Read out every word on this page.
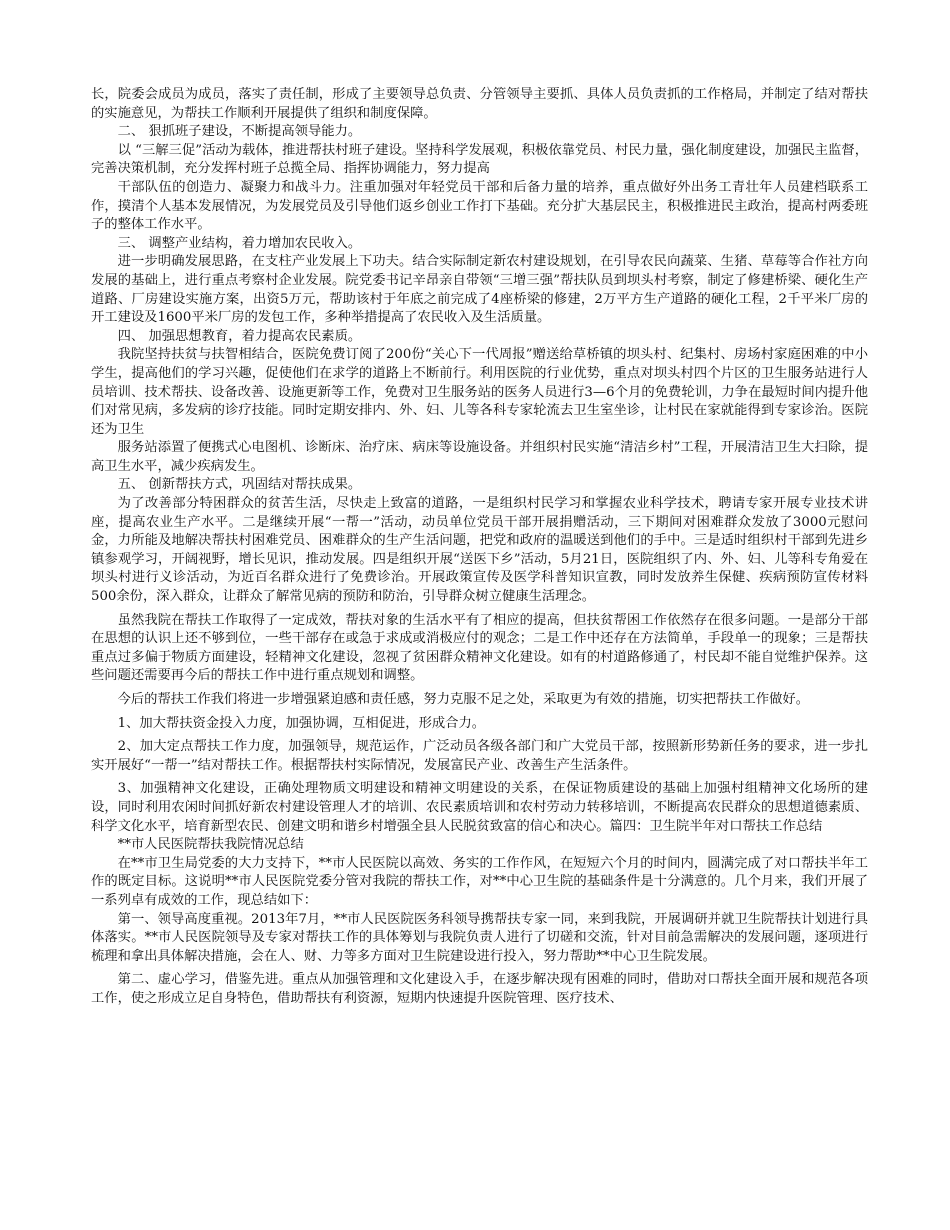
长，院委会成员为成员，落实了责任制，形成了主要领导总负责、分管领导主要抓、具体人员负责抓的工作格局，并制定了结对帮扶的实施意见，为帮扶工作顺利开展提供了组织和制度保障。

二、 狠抓班子建设，不断提高领导能力。

以 “三解三促”活动为载体，推进帮扶村班子建设。坚持科学发展观，积极依靠党员、村民力量，强化制度建设，加强民主监督，完善决策机制，充分发挥村班子总揽全局、指挥协调能力，努力提高

干部队伍的创造力、凝聚力和战斗力。注重加强对年轻党员干部和后备力量的培养，重点做好外出务工青壮年人员建档联系工作，摸清个人基本发展情况，为发展党员及引导他们返乡创业工作打下基础。充分扩大基层民主，积极推进民主政治，提高村两委班子的整体工作水平。

三、 调整产业结构，着力增加农民收入。

进一步明确发展思路，在支柱产业发展上下功夫。结合实际制定新农村建设规划，在引导农民向蔬菜、生猪、草莓等合作社方向发展的基础上，进行重点考察村企业发展。院党委书记辛昂亲自带领“三增三强”帮扶队员到坝头村考察，制定了修建桥梁、硬化生产道路、厂房建设实施方案，出资5万元，帮助该村于年底之前完成了4座桥梁的修建，2万平方生产道路的硬化工程，2千平米厂房的开工建设及1600平米厂房的发包工作，多种举措提高了农民收入及生活质量。

四、 加强思想教育，着力提高农民素质。

我院坚持扶贫与扶智相结合，医院免费订阅了200份“关心下一代周报”赠送给草桥镇的坝头村、纪集村、房场村家庭困难的中小学生，提高他们的学习兴趣，促使他们在求学的道路上不断前行。利用医院的行业优势，重点对坝头村四个片区的卫生服务站进行人员培训、技术帮扶、设备改善、设施更新等工作，免费对卫生服务站的医务人员进行3—6个月的免费轮训，力争在最短时间内提升他们对常见病，多发病的诊疗技能。同时定期安排内、外、妇、儿等各科专家轮流去卫生室坐诊，让村民在家就能得到专家诊治。医院还为卫生

服务站添置了便携式心电图机、诊断床、治疗床、病床等设施设备。并组织村民实施“清洁乡村”工程，开展清洁卫生大扫除，提高卫生水平，减少疾病发生。

五、 创新帮扶方式，巩固结对帮扶成果。

为了改善部分特困群众的贫苦生活，尽快走上致富的道路，一是组织村民学习和掌握农业科学技术，聘请专家开展专业技术讲座，提高农业生产水平。二是继续开展“一帮一”活动，动员单位党员干部开展捐赠活动，三下期间对困难群众发放了3000元慰问金，力所能及地解决帮扶村困难党员、困难群众的生产生活问题，把党和政府的温暖送到他们的手中。三是适时组织村干部到先进乡镇参观学习，开阔视野，增长见识，推动发展。四是组织开展“送医下乡”活动，5月21日，医院组织了内、外、妇、儿等科专角爱在坝头村进行义诊活动，为近百名群众进行了免费诊治。开展政策宣传及医学科普知识宣教，同时发放养生保健、疾病预防宣传材料500余份，深入群众，让群众了解常见病的预防和防治，引导群众树立健康生活理念。

虽然我院在帮扶工作取得了一定成效，帮扶对象的生活水平有了相应的提高，但扶贫帮困工作依然存在很多问题。一是部分干部在思想的认识上还不够到位，一些干部存在或急于求成或消极应付的观念；二是工作中还存在方法简单，手段单一的现象；三是帮扶重点过多偏于物质方面建设，轻精神文化建设，忽视了贫困群众精神文化建设。如有的村道路修通了，村民却不能自觉维护保养。这些问题还需要再今后的帮扶工作中进行重点规划和调整。

今后的帮扶工作我们将进一步增强紧迫感和责任感，努力克服不足之处，采取更为有效的措施，切实把帮扶工作做好。

1、加大帮扶资金投入力度，加强协调，互相促进，形成合力。

2、加大定点帮扶工作力度，加强领导，规范运作，广泛动员各级各部门和广大党员干部，按照新形势新任务的要求，进一步扎实开展好“一帮一”结对帮扶工作。根据帮扶村实际情况，发展富民产业、改善生产生活条件。

3、加强精神文化建设，正确处理物质文明建设和精神文明建设的关系，在保证物质建设的基础上加强村组精神文化场所的建设，同时利用农闲时间抓好新农村建设管理人才的培训、农民素质培训和农村劳动力转移培训，不断提高农民群众的思想道德素质、科学文化水平，培育新型农民、创建文明和谐乡村增强全县人民脱贫致富的信心和决心。篇四：卫生院半年对口帮扶工作总结

**市人民医院帮扶我院情况总结

在**市卫生局党委的大力支持下，**市人民医院以高效、务实的工作作风，在短短六个月的时间内，圆满完成了对口帮扶半年工作的既定目标。这说明**市人民医院党委分管对我院的帮扶工作，对**中心卫生院的基础条件是十分满意的。几个月来，我们开展了一系列卓有成效的工作，现总结如下：

第一、领导高度重视。2013年7月，**市人民医院医务科领导携帮扶专家一同，来到我院，开展调研并就卫生院帮扶计划进行具体落实。**市人民医院领导及专家对帮扶工作的具体筹划与我院负责人进行了切磋和交流，针对目前急需解决的发展问题，逐项进行梳理和拿出具体解决措施，会在人、财、力等多方面对卫生院建设进行投入，努力帮助**中心卫生院发展。

第二、虚心学习，借鉴先进。重点从加强管理和文化建设入手，在逐步解决现有困难的同时，借助对口帮扶全面开展和规范各项工作，使之形成立足自身特色，借助帮扶有利资源，短期内快速提升医院管理、医疗技术、
